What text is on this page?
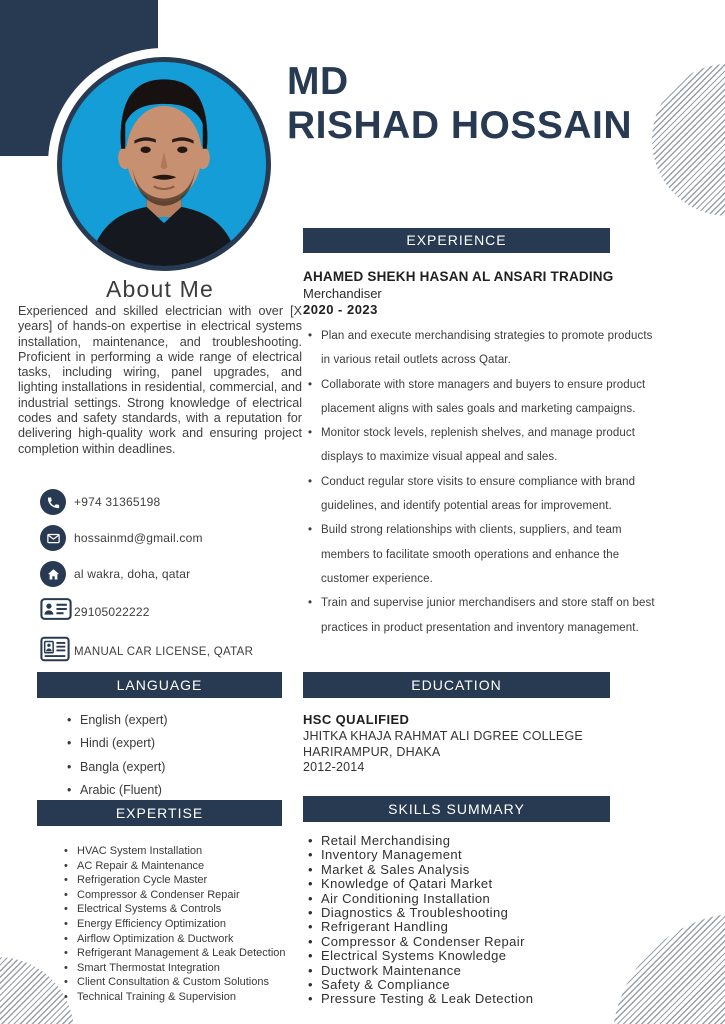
MD
RISHAD HOSSAIN
About Me

Experienced and skilled electrician with over [X years] of hands-on expertise in electrical systems installation, maintenance, and troubleshooting. Proficient in performing a wide range of electrical tasks, including wiring, panel upgrades, and lighting installations in residential, commercial, and industrial settings. Strong knowledge of electrical codes and safety standards, with a reputation for delivering high-quality work and ensuring project completion within deadlines.

+974 31365198
hossainmd@gmail.com
al wakra, doha, qatar
29105022222
MANUAL CAR LICENSE, QATAR
LANGUAGE
• English (expert)
• Hindi (expert)
• Bangla (expert)
• Arabic (Fluent)
EXPERTISE
• HVAC System Installation
• AC Repair & Maintenance
• Refrigeration Cycle Master
• Compressor & Condenser Repair
• Electrical Systems & Controls
• Energy Efficiency Optimization
• Airflow Optimization & Ductwork
• Refrigerant Management & Leak Detection
• Smart Thermostat Integration
• Client Consultation & Custom Solutions
• Technical Training & Supervision
EXPERIENCE
AHAMED SHEKH HASAN AL ANSARI TRADING
Merchandiser
2020 - 2023
• Plan and execute merchandising strategies to promote products in various retail outlets across Qatar.
• Collaborate with store managers and buyers to ensure product placement aligns with sales goals and marketing campaigns.
• Monitor stock levels, replenish shelves, and manage product displays to maximize visual appeal and sales.
• Conduct regular store visits to ensure compliance with brand guidelines, and identify potential areas for improvement.
• Build strong relationships with clients, suppliers, and team members to facilitate smooth operations and enhance the customer experience.
• Train and supervise junior merchandisers and store staff on best practices in product presentation and inventory management.
EDUCATION
HSC QUALIFIED
JHITKA KHAJA RAHMAT ALI DGREE COLLEGE
HARIRAMPUR, DHAKA
2012-2014
SKILLS SUMMARY
• Retail Merchandising
• Inventory Management
• Market & Sales Analysis
• Knowledge of Qatari Market
• Air Conditioning Installation
• Diagnostics & Troubleshooting
• Refrigerant Handling
• Compressor & Condenser Repair
• Electrical Systems Knowledge
• Ductwork Maintenance
• Safety & Compliance
• Pressure Testing & Leak Detection
